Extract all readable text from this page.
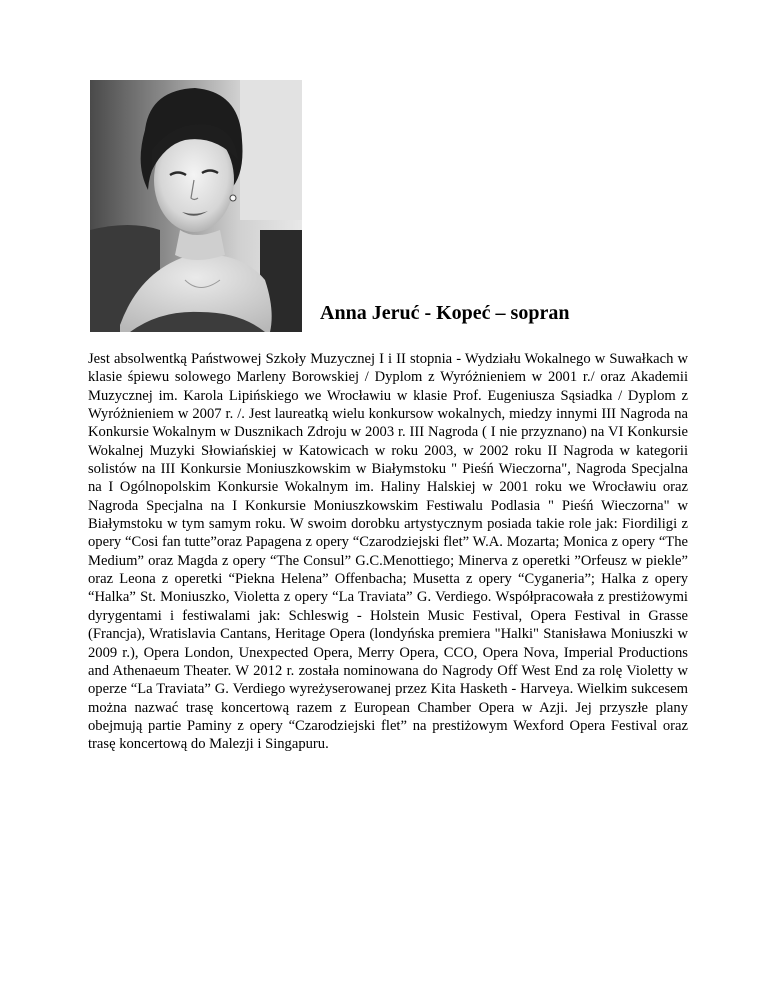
Anna Jeruć - Kopeć – sopran

Jest absolwentką Państwowej Szkoły Muzycznej I i II stopnia - Wydziału Wokalnego w Suwałkach w klasie śpiewu solowego Marleny Borowskiej / Dyplom z Wyróżnieniem w 2001 r./ oraz Akademii Muzycznej im. Karola Lipińskiego we Wrocławiu w klasie Prof. Eugeniusza Sąsiadka / Dyplom z Wyróżnieniem w 2007 r. /. Jest laureatką wielu konkursow wokalnych, miedzy innymi III Nagroda na Konkursie Wokalnym w Dusznikach Zdroju w 2003 r. III Nagroda ( I nie przyznano) na VI Konkursie Wokalnej Muzyki Słowiańskiej w Katowicach w roku 2003, w 2002 roku II Nagroda w kategorii solistów na III Konkursie Moniuszkowskim w Białymstoku " Pieśń Wieczorna", Nagroda Specjalna na I Ogólnopolskim Konkursie Wokalnym im. Haliny Halskiej w 2001 roku we Wrocławiu oraz Nagroda Specjalna na I Konkursie Moniuszkowskim Festiwalu Podlasia " Pieśń Wieczorna" w Białymstoku w tym samym roku. W swoim dorobku artystycznym posiada takie role jak: Fiordiligi z opery “Cosi fan tutte”oraz Papagena z opery “Czarodziejski flet” W.A. Mozarta; Monica z opery “The Medium” oraz Magda z opery “The Consul” G.C.Menottiego; Minerva z operetki ”Orfeusz w piekle” oraz Leona z operetki “Piekna Helena” Offenbacha; Musetta z opery “Cyganeria”; Halka z opery “Halka” St. Moniuszko, Violetta z opery “La Traviata” G. Verdiego. Współpracowała z prestiżowymi dyrygentami i festiwalami jak: Schleswig - Holstein Music Festival, Opera Festival in Grasse (Francja), Wratislavia Cantans, Heritage Opera (londyńska premiera "Halki" Stanisława Moniuszki w 2009 r.), Opera London, Unexpected Opera, Merry Opera, CCO, Opera Nova, Imperial Productions and Athenaeum Theater. W 2012 r. została nominowana do Nagrody Off West End za rolę Violetty w operze “La Traviata” G. Verdiego wyreżyserowanej przez Kita Hasketh - Harveya. Wielkim sukcesem można nazwać trasę koncertową razem z European Chamber Opera w Azji. Jej przyszłe plany obejmują partie Paminy z opery “Czarodziejski flet” na prestiżowym Wexford Opera Festival oraz trasę koncertową do Malezji i Singapuru.
